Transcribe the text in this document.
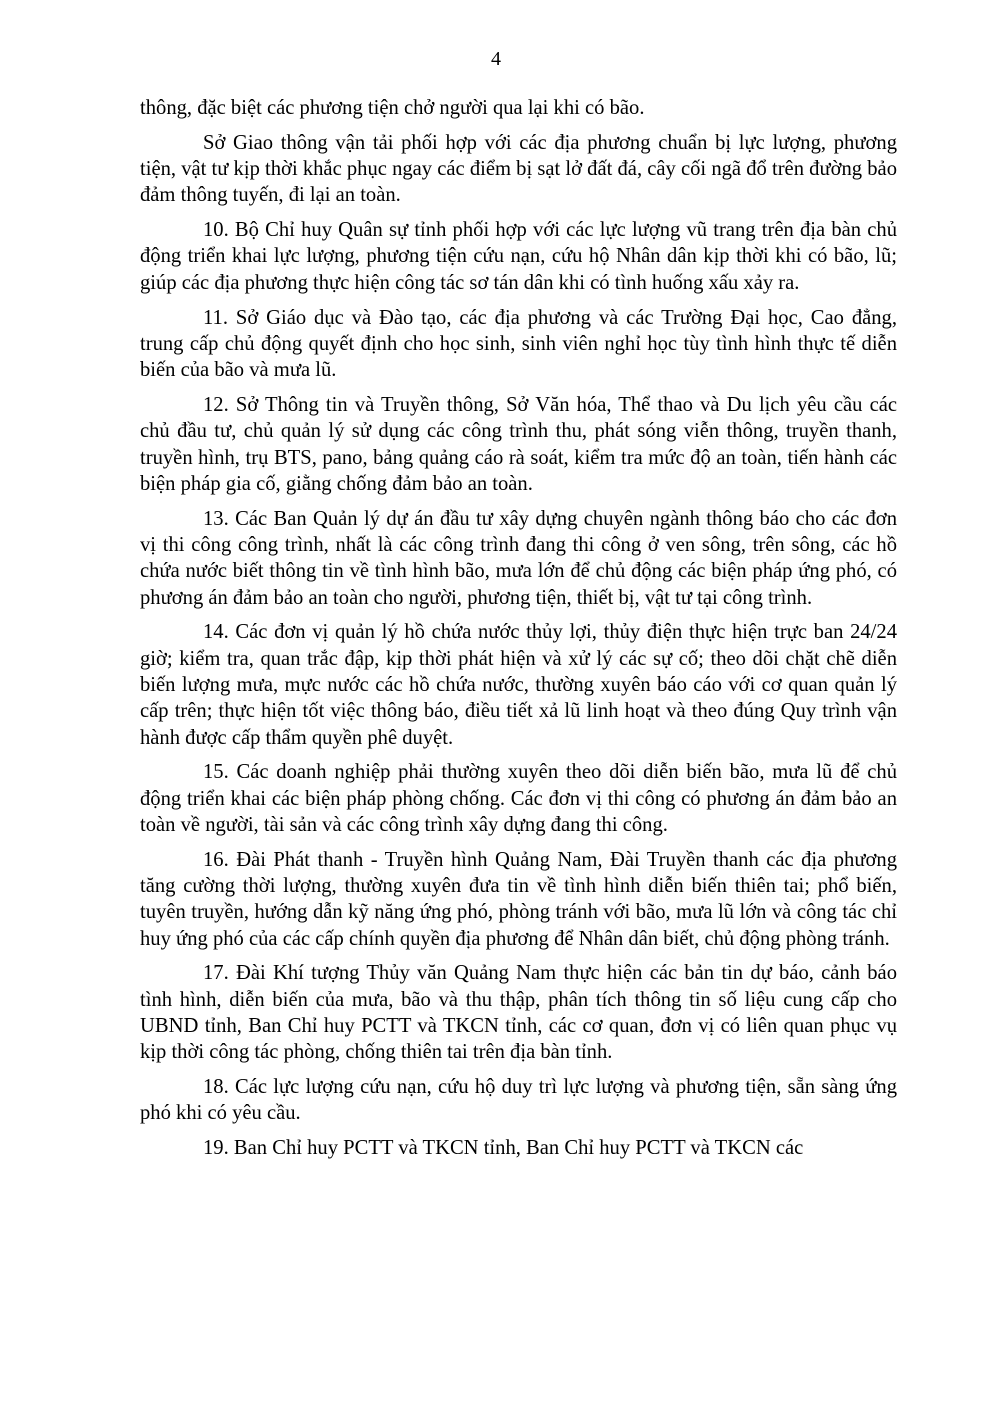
4

thông, đặc biệt các phương tiện chở người qua lại khi có bão.

Sở Giao thông vận tải phối hợp với các địa phương chuẩn bị lực lượng, phương tiện, vật tư kịp thời khắc phục ngay các điểm bị sạt lở đất đá, cây cối ngã đổ trên đường bảo đảm thông tuyến, đi lại an toàn.

10. Bộ Chỉ huy Quân sự tỉnh phối hợp với các lực lượng vũ trang trên địa bàn chủ động triển khai lực lượng, phương tiện cứu nạn, cứu hộ Nhân dân kịp thời khi có bão, lũ; giúp các địa phương thực hiện công tác sơ tán dân khi có tình huống xấu xảy ra.

11. Sở Giáo dục và Đào tạo, các địa phương và các Trường Đại học, Cao đẳng, trung cấp chủ động quyết định cho học sinh, sinh viên nghỉ học tùy tình hình thực tế diễn biến của bão và mưa lũ.

12. Sở Thông tin và Truyền thông, Sở Văn hóa, Thể thao và Du lịch yêu cầu các chủ đầu tư, chủ quản lý sử dụng các công trình thu, phát sóng viễn thông, truyền thanh, truyền hình, trụ BTS, pano, bảng quảng cáo rà soát, kiểm tra mức độ an toàn, tiến hành các biện pháp gia cố, giằng chống đảm bảo an toàn.

13. Các Ban Quản lý dự án đầu tư xây dựng chuyên ngành thông báo cho các đơn vị thi công công trình, nhất là các công trình đang thi công ở ven sông, trên sông, các hồ chứa nước biết thông tin về tình hình bão, mưa lớn để chủ động các biện pháp ứng phó, có phương án đảm bảo an toàn cho người, phương tiện, thiết bị, vật tư tại công trình.

14. Các đơn vị quản lý hồ chứa nước thủy lợi, thủy điện thực hiện trực ban 24/24 giờ; kiểm tra, quan trắc đập, kịp thời phát hiện và xử lý các sự cố; theo dõi chặt chẽ diễn biến lượng mưa, mực nước các hồ chứa nước, thường xuyên báo cáo với cơ quan quản lý cấp trên; thực hiện tốt việc thông báo, điều tiết xả lũ linh hoạt và theo đúng Quy trình vận hành được cấp thẩm quyền phê duyệt.

15. Các doanh nghiệp phải thường xuyên theo dõi diễn biến bão, mưa lũ để chủ động triển khai các biện pháp phòng chống. Các đơn vị thi công có phương án đảm bảo an toàn về người, tài sản và các công trình xây dựng đang thi công.

16. Đài Phát thanh - Truyền hình Quảng Nam, Đài Truyền thanh các địa phương tăng cường thời lượng, thường xuyên đưa tin về tình hình diễn biến thiên tai; phổ biến, tuyên truyền, hướng dẫn kỹ năng ứng phó, phòng tránh với bão, mưa lũ lớn và công tác chỉ huy ứng phó của các cấp chính quyền địa phương để Nhân dân biết, chủ động phòng tránh.

17. Đài Khí tượng Thủy văn Quảng Nam thực hiện các bản tin dự báo, cảnh báo tình hình, diễn biến của mưa, bão và thu thập, phân tích thông tin số liệu cung cấp cho UBND tỉnh, Ban Chỉ huy PCTT và TKCN tỉnh, các cơ quan, đơn vị có liên quan phục vụ kịp thời công tác phòng, chống thiên tai trên địa bàn tỉnh.

18. Các lực lượng cứu nạn, cứu hộ duy trì lực lượng và phương tiện, sẵn sàng ứng phó khi có yêu cầu.

19. Ban Chỉ huy PCTT và TKCN tỉnh, Ban Chỉ huy PCTT và TKCN các
